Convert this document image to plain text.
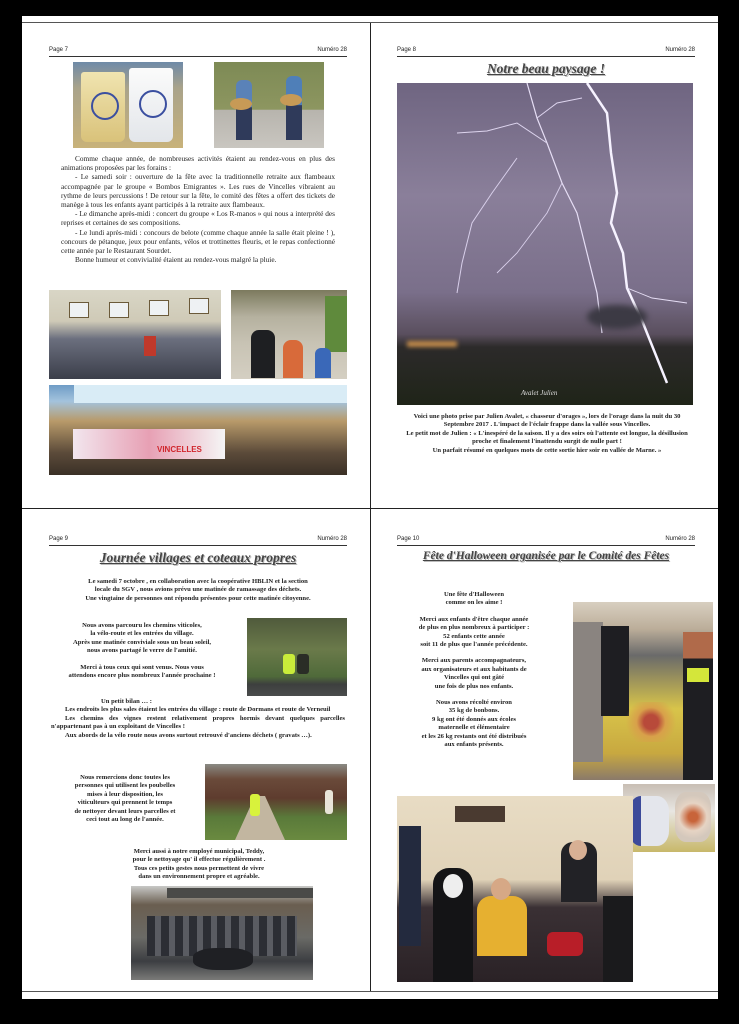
Page 7	Numéro 28

Comme chaque année, de nombreuses activités étaient au rendez-vous en plus des animations proposées par les forains :

- Le samedi soir : ouverture de la fête avec la traditionnelle retraite aux flambeaux accompagnée par le groupe « Bombos Emigrantes ». Les rues de Vincelles vibraient au rythme de leurs percussions ! De retour sur la fête, le comité des fêtes a offert des tickets de manège à tous les enfants ayant participés à la retraite aux flambeaux.

- Le dimanche après-midi : concert du groupe « Los R-manos » qui nous a interprété des reprises et certaines de ses compositions.

- Le lundi après-midi : concours de belote (comme chaque année la salle était pleine ! ), concours de pétanque, jeux pour enfants, vélos et trottinettes fleuris, et le repas confectionné cette année par le Restaurant Sourdet.

Bonne humeur et convivialité étaient au rendez-vous malgré la pluie.

VINCELLES
Page 8	Numéro 28
Notre beau paysage !
Avalet Julien

Voici une photo prise par Julien Avalet, « chasseur d'orages », lors de l'orage dans la nuit du 30 Septembre 2017 . L'impact de l'éclair frappe dans la vallée sous Vincelles.

Le petit mot de Julien : « L'inespéré de la saison. Il y a des soirs où l'attente est longue, la désillusion proche et finalement l'inattendu surgit de nulle part !

Un parfait résumé en quelques mots de cette sortie hier soir en vallée de Marne. »

Page 9	Numéro 28
Journée villages et coteaux propres

Le samedi 7 octobre , en collaboration avec la coopérative HBLIN et la section

locale du SGV , nous avions prévu une matinée de ramassage des déchets.

Une vingtaine de personnes ont répondu présentes pour cette matinée citoyenne.

Nous avons parcouru les chemins viticoles,

la vélo-route et les entrées du village.

Après une matinée conviviale sous un beau soleil,

nous avons partagé le verre de l'amitié.

Merci à tous ceux qui sont venus. Nous vous

attendons encore plus nombreux l'année prochaine !

Un petit bilan … :

Les endroits les plus sales étaient les entrées du village : route de Dormans et route de Verneuil

Les chemins des vignes restent relativement propres hormis devant quelques parcelles n'appartenant pas à un exploitant de Vincelles !

Aux abords de la vélo route nous avons surtout retrouvé d'anciens déchets ( gravats …).

Nous remercions donc toutes les

personnes qui utilisent les poubelles

mises à leur disposition, les

viticulteurs qui prennent le temps

de nettoyer devant leurs parcelles et

ceci tout au long de l'année.

Merci aussi à notre employé municipal, Teddy,

pour le nettoyage qu' il effectue régulièrement .

Tous ces petits gestes nous permettent de vivre

dans un environnement propre et agréable.

Page 10	Numéro 28
Fête d'Halloween organisée par le Comité des Fêtes

Une fête d'Halloween

comme on les aime !

Merci aux enfants d'être chaque année

de plus en plus nombreux à participer :

52 enfants cette année

soit 11 de plus que l'année précédente.

Merci aux parents accompagnateurs,

aux organisateurs et aux habitants de

Vincelles qui ont gâté

une fois de plus nos enfants.

Nous avons récolté environ

35 kg de bonbons.

9 kg ont été donnés aux écoles

maternelle et élémentaire

et les 26 kg restants ont été distribués

aux enfants présents.
